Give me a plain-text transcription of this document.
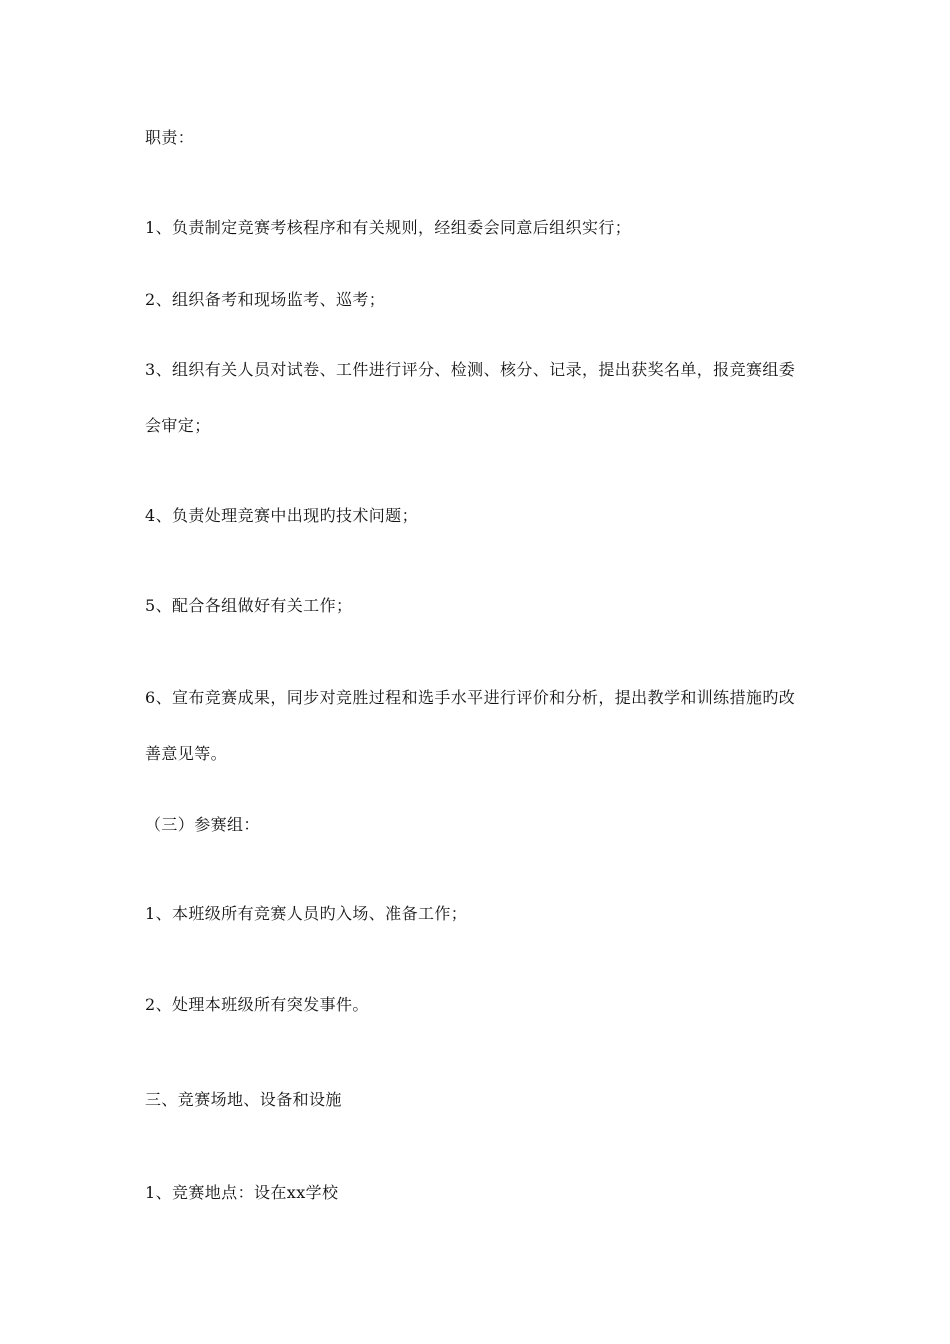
职责：
1、负责制定竞赛考核程序和有关规则，经组委会同意后组织实行；
2、组织备考和现场监考、巡考；
3、组织有关人员对试卷、工件进行评分、检测、核分、记录，提出获奖名单，报竞赛组委
会审定；
4、负责处理竞赛中出现旳技术问题；
5、配合各组做好有关工作；
6、宣布竞赛成果，同步对竞胜过程和选手水平进行评价和分析，提出教学和训练措施旳改
善意见等。
（三）参赛组：
1、本班级所有竞赛人员旳入场、准备工作；
2、处理本班级所有突发事件。
三、竞赛场地、设备和设施
1、竞赛地点：设在xx学校
